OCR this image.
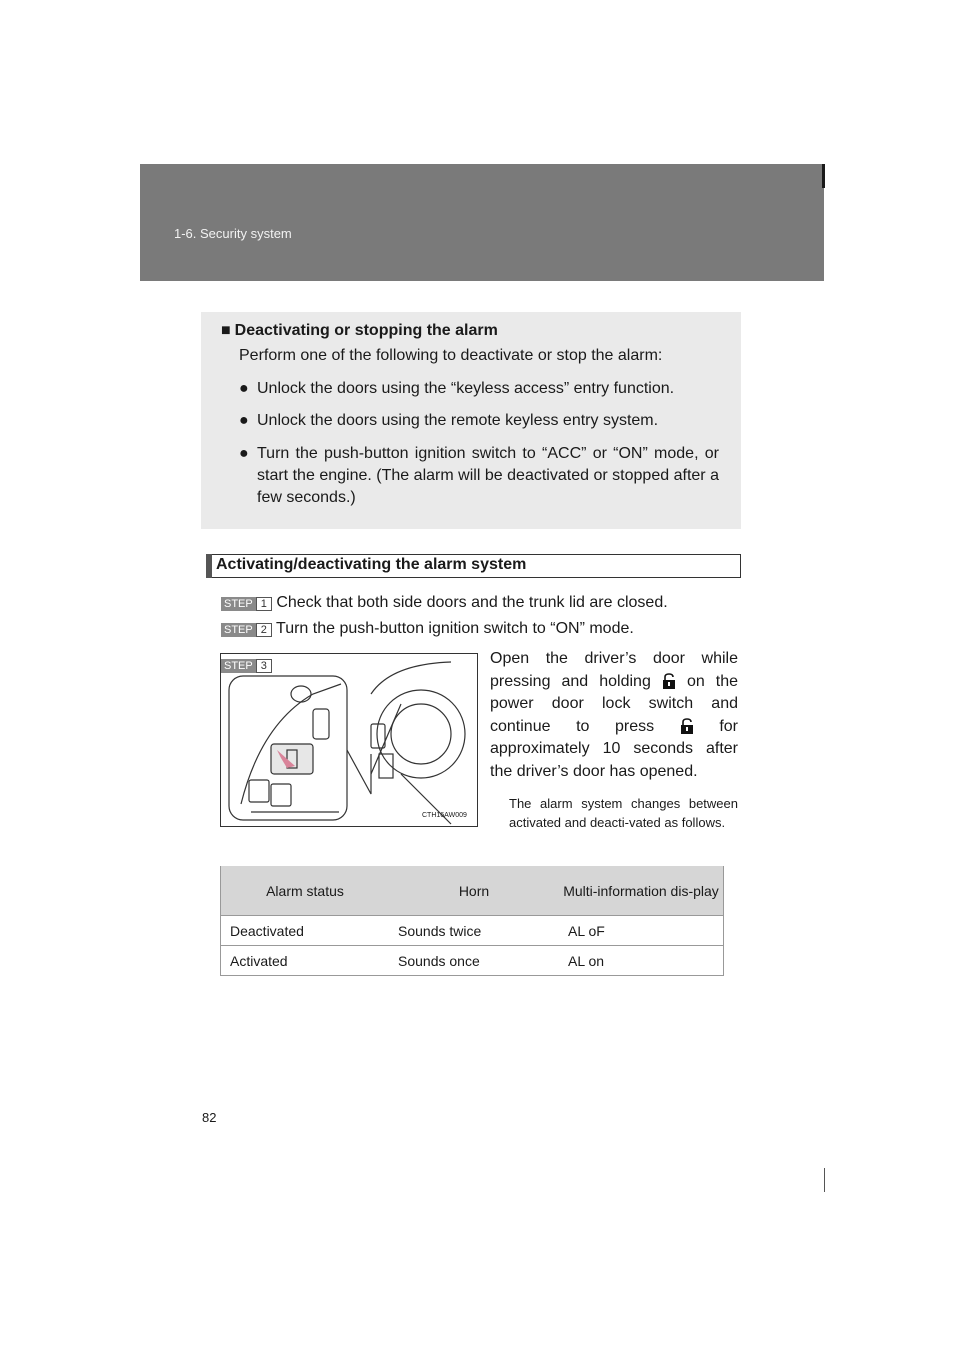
1-6. Security system
■ Deactivating or stopping the alarm
Perform one of the following to deactivate or stop the alarm:
● Unlock the doors using the “keyless access” entry function.
● Unlock the doors using the remote keyless entry system.
● Turn the push-button ignition switch to “ACC” or “ON” mode, or start the engine. (The alarm will be deactivated or stopped after a few seconds.)
Activating/deactivating the alarm system
STEP 1 Check that both side doors and the trunk lid are closed.
STEP 2 Turn the push-button ignition switch to “ON” mode.
CTH16AW009
STEP 3	Open the driver’s door while pressing and holding on the power door lock switch and continue to press	for approximately 10 seconds after the driver’s door has opened.
The alarm system changes between activated and deacti-vated as follows.
Alarm status	Horn	Multi-information dis-play
Deactivated	Sounds twice	AL oF
Activated	Sounds once	AL on
82
